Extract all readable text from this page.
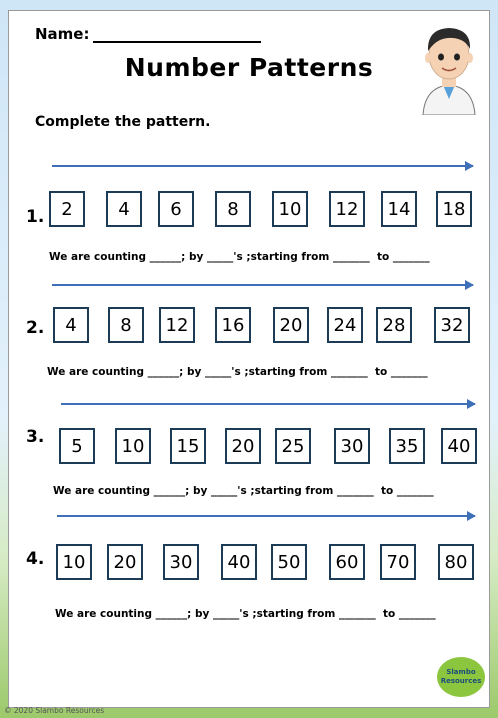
Name:
Number Patterns
Complete the pattern.
1. 2	4	6	8	10	12	14	18
We are counting ______; by _____'s ;starting from _______  to _______
2.	4	8	12	16	20	24	28	32
We are counting ______; by _____'s ;starting from _______  to _______
3.	5	10	15	20	25	30	35	40
We are counting ______; by _____'s ;starting from _______  to _______
4.	10	20	30	40	50	60	70	80
We are counting ______; by _____'s ;starting from _______  to _______
Slambo
Resources
© 2020 Slambo Resources
